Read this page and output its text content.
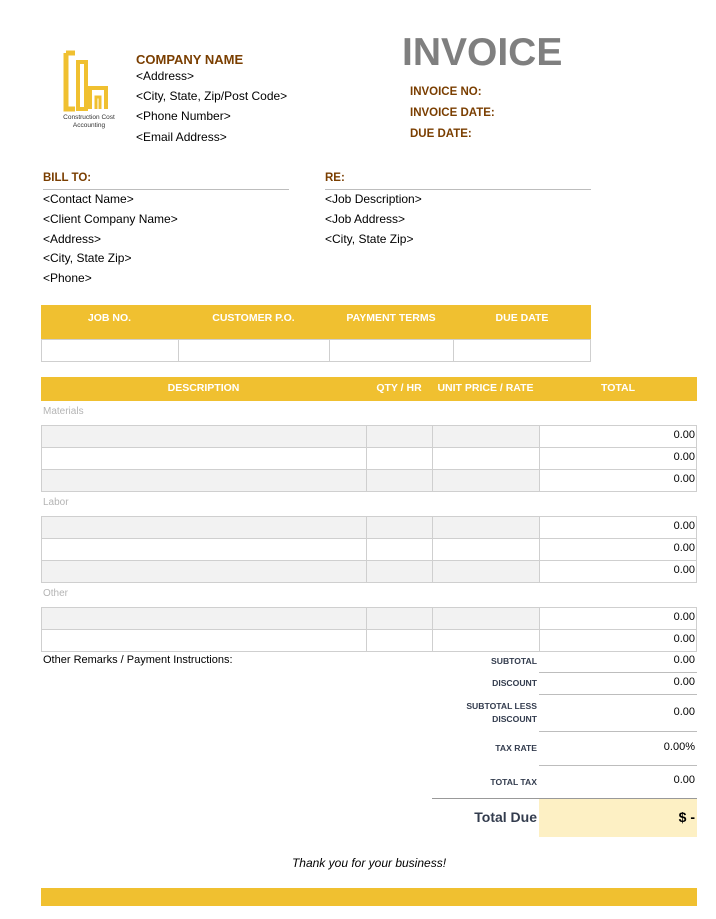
Construction Cost
Accounting
COMPANY NAME
<Address>
<City, State, Zip/Post Code>
<Phone Number>
<Email Address>
INVOICE
INVOICE NO:
INVOICE DATE:
DUE DATE:
BILL TO:
<Contact Name>
<Client Company Name>
<Address>
<City, State Zip>
<Phone>
RE:
<Job Description>
<Job Address>
<City, State Zip>
JOB NO.	CUSTOMER P.O.	PAYMENT TERMS	DUE DATE
DESCRIPTION	QTY / HR	UNIT PRICE / RATE	TOTAL
Materials
0.00
0.00
0.00
Labor
0.00
0.00
0.00
Other
0.00
0.00
Other Remarks / Payment Instructions:	SUBTOTAL	0.00
DISCOUNT	0.00
SUBTOTAL LESS
DISCOUNT
0.00
TAX RATE	0.00%
TOTAL TAX	0.00
Total Due	$ -
Thank you for your business!
